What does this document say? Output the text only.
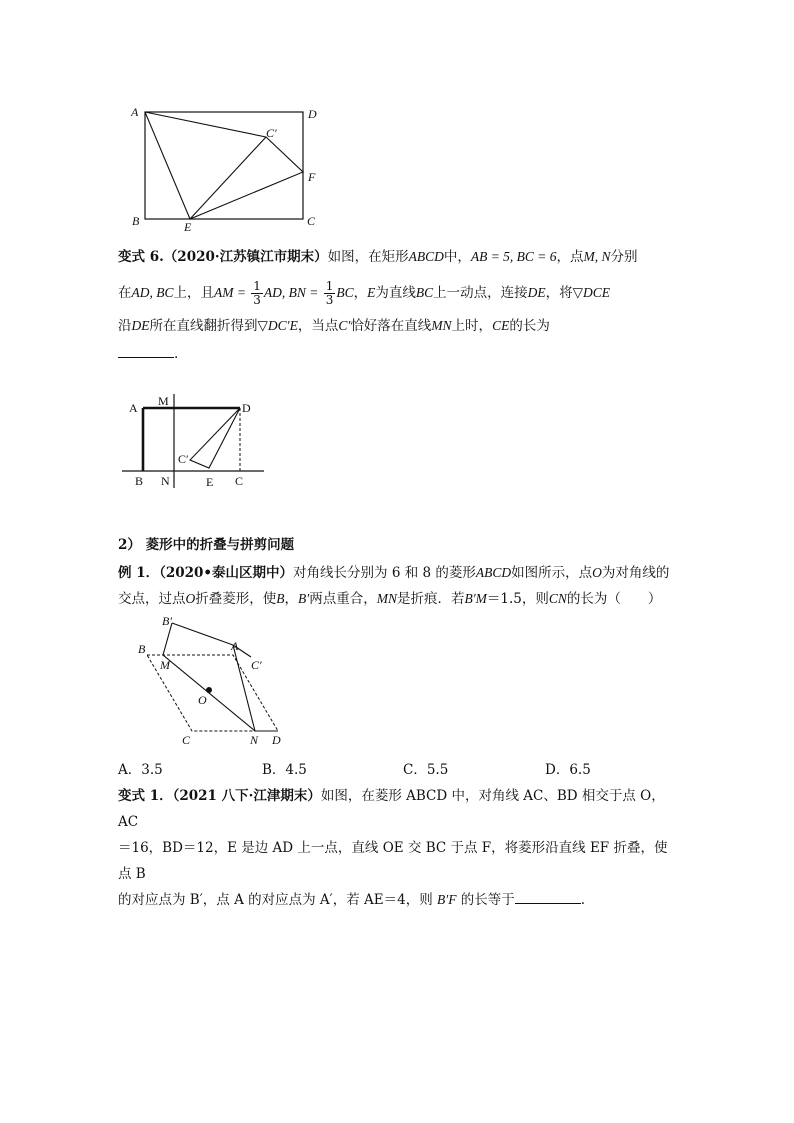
A	D
C′
F
B	E	C
变式 6.（2020·江苏镇江市期末）如图，在矩形ABCD中，AB = 5, BC = 6，点M, N分别
在AD, BC上，且AM = $\frac{1}{3}$ AD, BN = $\frac{1}{3}$ BC，E为直线BC上一动点，连接DE，将▽DCE
沿DE所在直线翻折得到▽DC′E，当点C′恰好落在直线MN上时，CE的长为
.
A M	D
C′
B N	E C
2） 菱形中的折叠与拼剪问题
例 1．（2020•泰山区期中）对角线长分别为 6 和 8 的菱形ABCD如图所示，点O为对角线的
交点，过点O折叠菱形，使B，B′两点重合，MN是折痕．若B′M＝1.5，则CN的长为（　　）
B′
B
M
A
C′
O
C	N D
A．3.5	B．4.5	C．5.5	D．6.5
变式 1．（2021 八下·江津期末）如图，在菱形 ABCD 中，对角线 AC、BD 相交于点 O，AC
＝16，BD＝12，E 是边 AD 上一点，直线 OE 交 BC 于点 F，将菱形沿直线 EF 折叠，使点 B
的对应点为 B′，点 A 的对应点为 A′，若 AE＝4，则 B′F 的长等于	.
